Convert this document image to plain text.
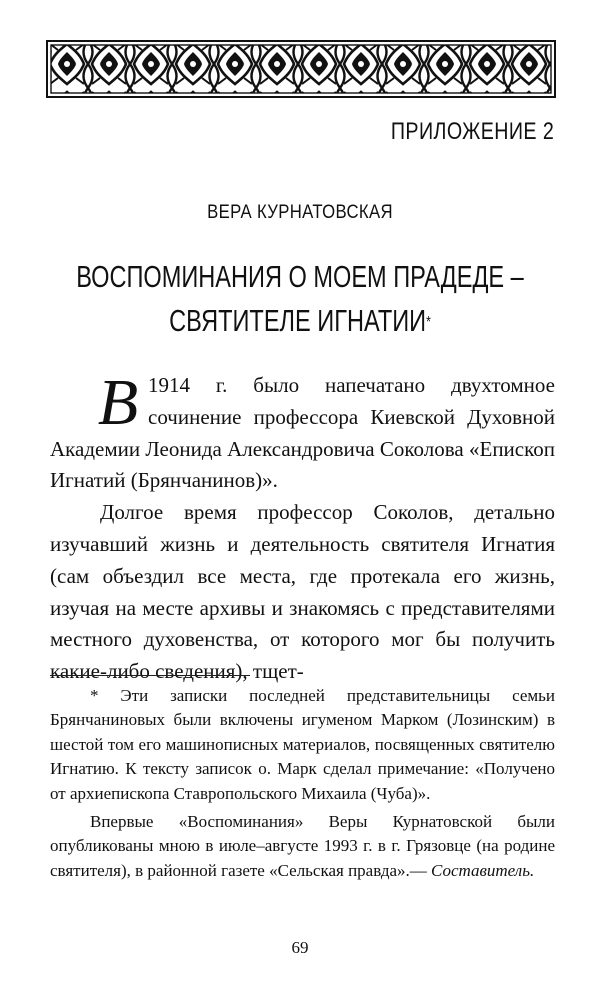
ПРИЛОЖЕНИЕ 2
ВЕРА КУРНАТОВСКАЯ
ВОСПОМИНАНИЯ О МОЕМ ПРАДЕДЕ –
СВЯТИТЕЛЕ ИГНАТИИ*

В 1914 г. было напечатано двухтомное сочинение профессора Киевской Духовной Академии Леонида Александровича Соколова «Епископ Игнатий (Брянчанинов)».

Долгое время профессор Соколов, детально изучавший жизнь и деятельность святителя Игнатия (сам объездил все места, где протекала его жизнь, изучая на месте архивы и знакомясь с представителями местного духовенства, от которого мог бы получить какие-либо сведения), тщет-

* Эти записки последней представительницы семьи Брянчаниновых были включены игуменом Марком (Лозинским) в шестой том его машинописных материалов, посвященных святителю Игнатию. К тексту записок о. Марк сделал примечание: «Получено от архиепископа Ставропольского Михаила (Чуба)».

Впервые «Воспоминания» Веры Курнатовской были опубликованы мною в июле–августе 1993 г. в г. Грязовце (на родине святителя), в районной газете «Сельская правда».— Составитель.

69
